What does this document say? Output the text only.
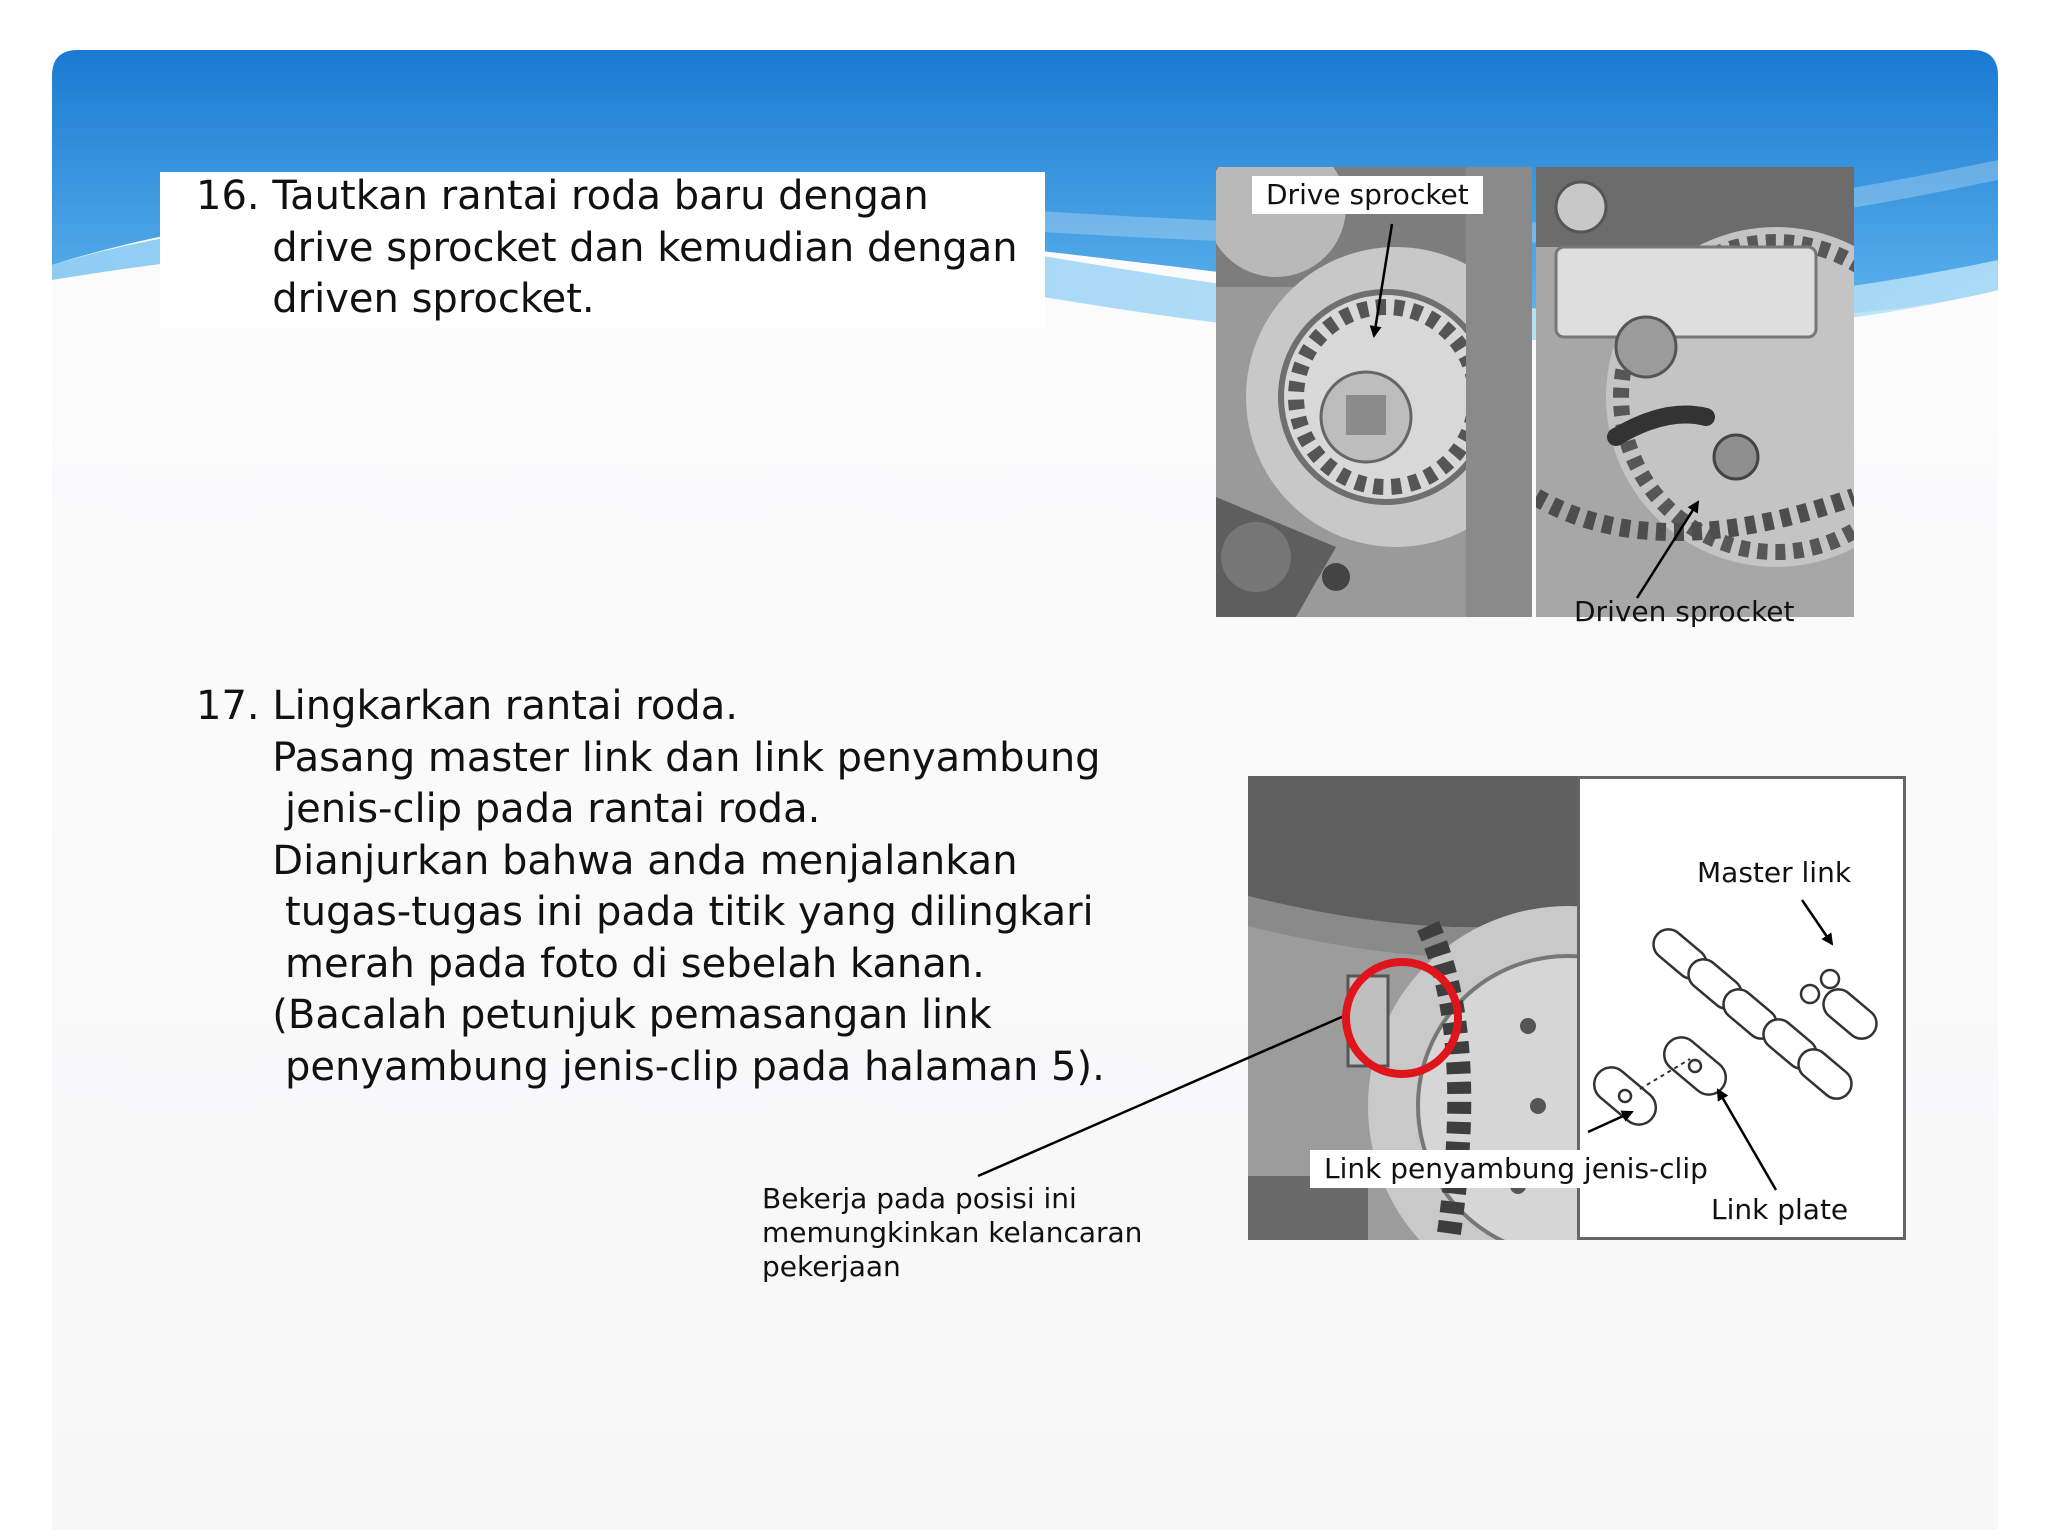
16. Tautkan rantai roda baru dengan
drive sprocket dan kemudian dengan
driven sprocket.

17. Lingkarkan rantai roda.
Pasang master link dan link penyambung
jenis-clip pada rantai roda.
Dianjurkan bahwa anda menjalankan
tugas-tugas ini pada titik yang dilingkari
merah pada foto di sebelah kanan.
(Bacalah petunjuk pemasangan link
penyambung jenis-clip pada halaman 5).

Drive sprocket
Driven sprocket
Master link
Link penyambung jenis-clip
Link plate
Bekerja pada posisi ini
memungkinkan kelancaran
pekerjaan
